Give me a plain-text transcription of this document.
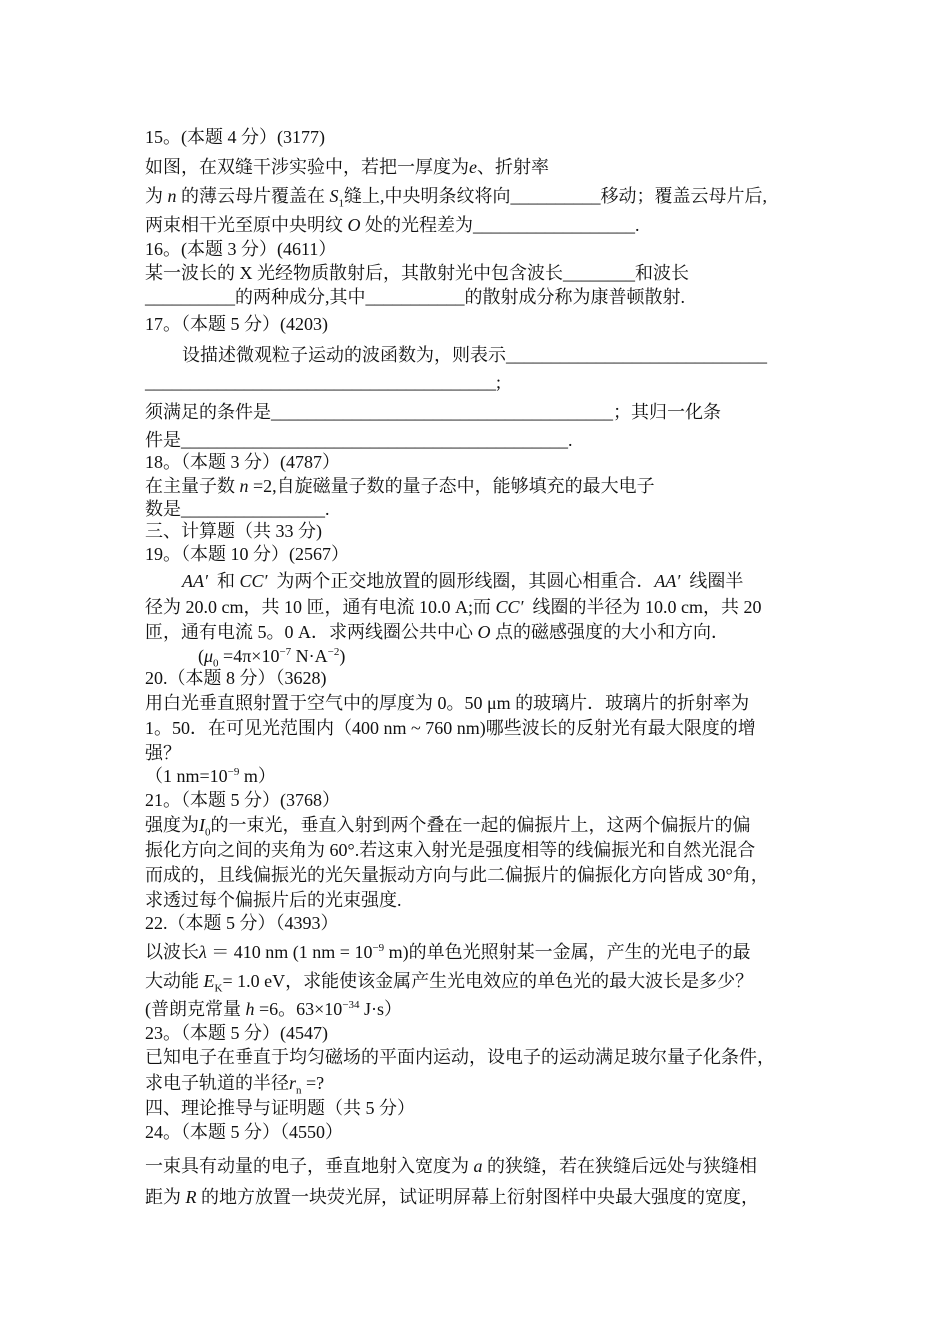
15。(本题 4 分）(3177)
如图，在双缝干涉实验中，若把一厚度为e、折射率
为 n 的薄云母片覆盖在 $S_1$缝上,中央明条纹将向__________移动；覆盖云母片后,
两束相干光至原中央明纹 O 处的光程差为__________________.
16。(本题 3 分）(4611）
某一波长的 X 光经物质散射后，其散射光中包含波长________和波长
__________的两种成分,其中___________的散射成分称为康普顿散射.
17。（本题 5 分）(4203)
设描述微观粒子运动的波函数为，则表示_____________________________
_______________________________________;
须满足的条件是______________________________________；其归一化条
件是___________________________________________.
18。（本题 3 分）(4787）
在主量子数 n =2,自旋磁量子数的量子态中，能够填充的最大电子
数是________________.
三、计算题（共 33 分)
19。（本题 10 分）(2567）
AA′  和 CC′  为两个正交地放置的圆形线圈，其圆心相重合．AA′  线圈半
径为 20.0 cm，共 10 匝，通有电流 10.0 A;而 CC′  线圈的半径为 10.0 cm，共 20
匝，通有电流 5。0 A．求两线圈公共中心 O 点的磁感强度的大小和方向．
($\mu_0 =4\pi\times 10^{-7}$ $N\cdot A^{-2}$)
20.（本题 8 分）（3628)
用白光垂直照射置于空气中的厚度为 0。50 μm 的玻璃片．玻璃片的折射率为
1。50．在可见光范围内（400 nm ~ 760 nm)哪些波长的反射光有最大限度的增
强？
（1 $nm=10^{-9}$ m）
21。（本题 5 分）(3768）
强度为$I_0$的一束光，垂直入射到两个叠在一起的偏振片上，这两个偏振片的偏
振化方向之间的夹角为 60°.若这束入射光是强度相等的线偏振光和自然光混合
而成的，且线偏振光的光矢量振动方向与此二偏振片的偏振化方向皆成 30°角，
求透过每个偏振片后的光束强度.
22.（本题 5 分）（4393）
以波长λ ＝ 410 nm (1 nm = $10^{-9}$ m)的单色光照射某一金属，产生的光电子的最
大动能 $E_K= 1.0$ eV，求能使该金属产生光电效应的单色光的最大波长是多少？
(普朗克常量 h =6。$63\times 10^{-34}$ J·s）
23。（本题 5 分）(4547)
已知电子在垂直于均匀磁场的平面内运动，设电子的运动满足玻尔量子化条件，
求电子轨道的半径$r_n$ =?
四、理论推导与证明题（共 5 分）
24。（本题 5 分）（4550）
一束具有动量的电子，垂直地射入宽度为 a 的狭缝，若在狭缝后远处与狭缝相
距为 R 的地方放置一块荧光屏，试证明屏幕上衍射图样中央最大强度的宽度，
